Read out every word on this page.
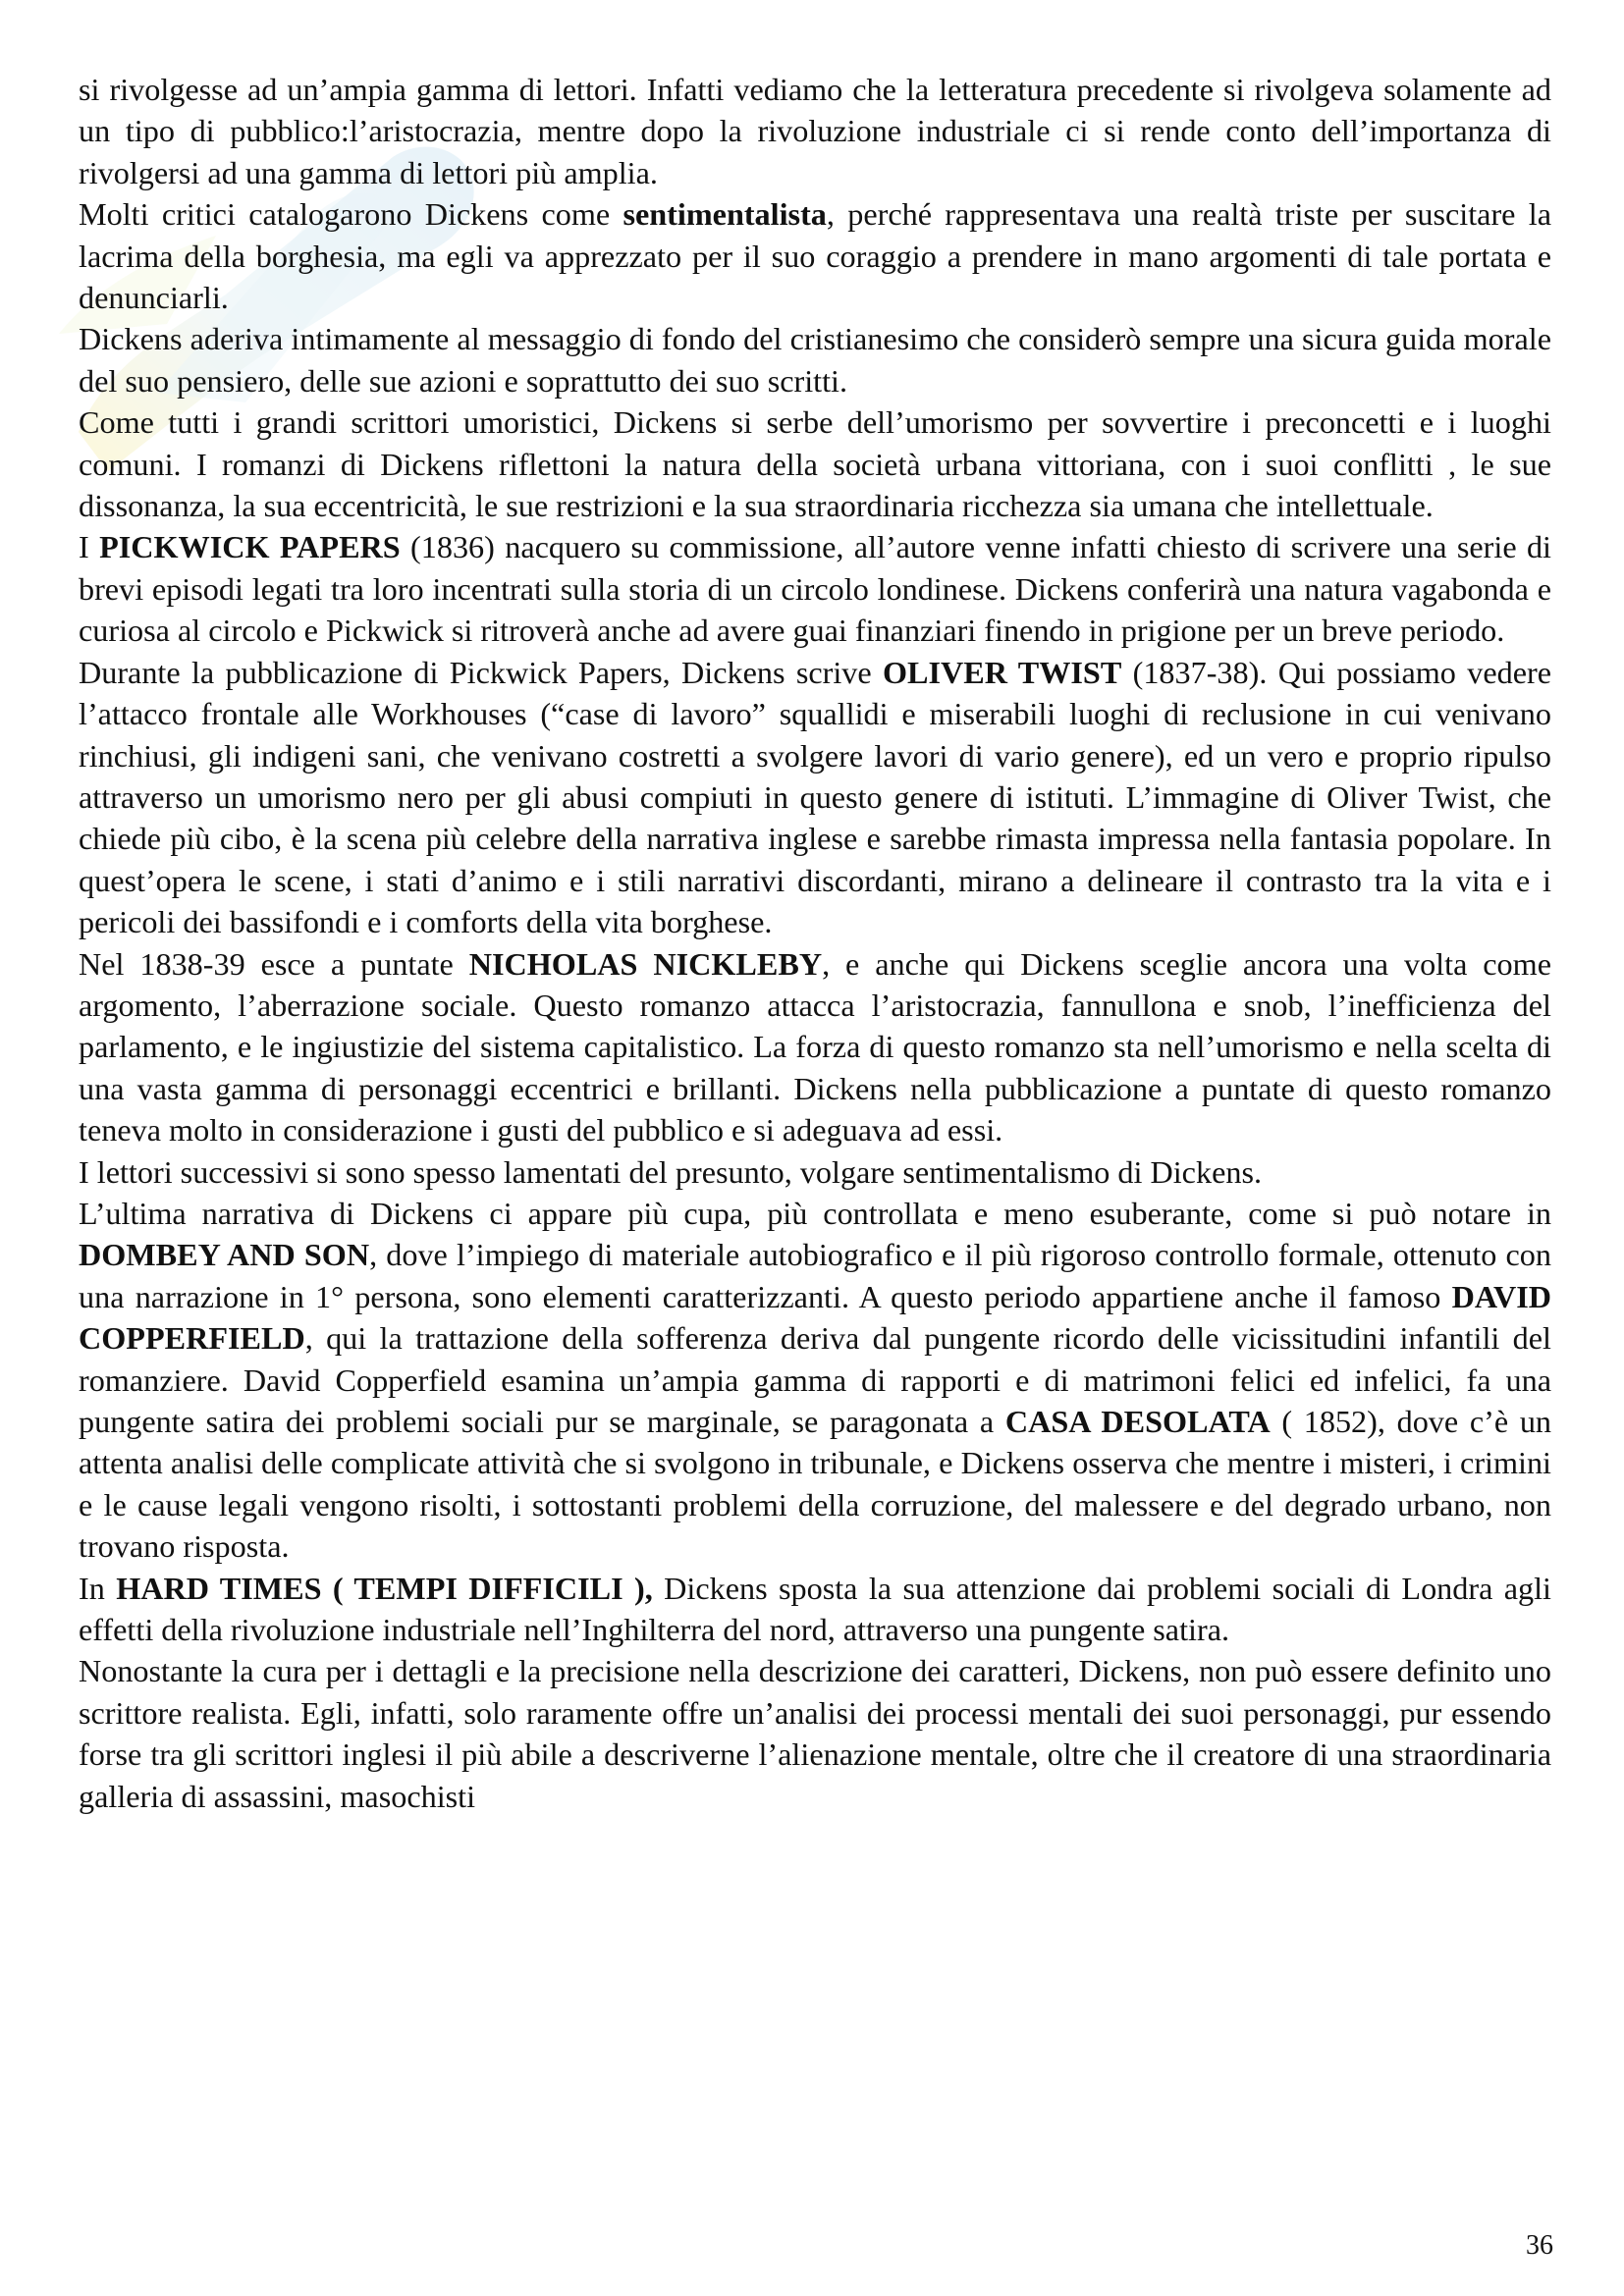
si rivolgesse ad un’ampia gamma di lettori. Infatti vediamo che la letteratura precedente si rivolgeva solamente ad un tipo di pubblico:l’aristocrazia, mentre dopo la rivoluzione industriale ci si rende conto dell’importanza di rivolgersi ad una gamma di lettori più amplia.

Molti critici catalogarono Dickens come sentimentalista, perché rappresentava una realtà triste per suscitare la lacrima della borghesia, ma egli va apprezzato per il suo coraggio a prendere in mano argomenti di tale portata e denunciarli.

Dickens aderiva intimamente al messaggio di fondo del cristianesimo che considerò sempre una sicura guida morale del suo pensiero, delle sue azioni e soprattutto dei suo scritti.

Come tutti i grandi scrittori umoristici, Dickens si serbe dell’umorismo per sovvertire i preconcetti e i luoghi comuni. I romanzi di Dickens riflettoni la natura della società urbana vittoriana, con i suoi conflitti , le sue dissonanza, la sua eccentricità, le sue restrizioni e la sua straordinaria ricchezza sia umana che intellettuale.

I PICKWICK PAPERS (1836) nacquero su commissione, all’autore venne infatti chiesto di scrivere una serie di brevi episodi legati tra loro incentrati sulla storia di un circolo londinese. Dickens conferirà una natura vagabonda e curiosa al circolo e Pickwick si ritroverà anche ad avere guai finanziari finendo in prigione per un breve periodo.

Durante la pubblicazione di Pickwick Papers, Dickens scrive OLIVER TWIST (1837-38). Qui possiamo vedere l’attacco frontale alle Workhouses (“case di lavoro” squallidi e miserabili luoghi di reclusione in cui venivano rinchiusi, gli indigeni sani, che venivano costretti a svolgere lavori di vario genere), ed un vero e proprio ripulso attraverso un umorismo nero per gli abusi compiuti in questo genere di istituti. L’immagine di Oliver Twist, che chiede più cibo, è la scena più celebre della narrativa inglese e sarebbe rimasta impressa nella fantasia popolare. In quest’opera le scene, i stati d’animo e i stili narrativi discordanti, mirano a delineare il contrasto tra la vita e i pericoli dei bassifondi e i comforts della vita borghese.

Nel 1838-39 esce a puntate NICHOLAS NICKLEBY, e anche qui Dickens sceglie ancora una volta come argomento, l’aberrazione sociale. Questo romanzo attacca l’aristocrazia, fannullona e snob, l’inefficienza del parlamento, e le ingiustizie del sistema capitalistico. La forza di questo romanzo sta nell’umorismo e nella scelta di una vasta gamma di personaggi eccentrici e brillanti. Dickens nella pubblicazione a puntate di questo romanzo teneva molto in considerazione i gusti del pubblico e si adeguava ad essi.

I lettori successivi si sono spesso lamentati del presunto, volgare sentimentalismo di Dickens.

L’ultima narrativa di Dickens ci appare più cupa, più controllata e meno esuberante, come si può notare in DOMBEY AND SON, dove l’impiego di materiale autobiografico e il più rigoroso controllo formale, ottenuto con una narrazione in 1° persona, sono elementi caratterizzanti. A questo periodo appartiene anche il famoso DAVID COPPERFIELD, qui la trattazione della sofferenza deriva dal pungente ricordo delle vicissitudini infantili del romanziere. David Copperfield esamina un’ampia gamma di rapporti e di matrimoni felici ed infelici, fa una pungente satira dei problemi sociali pur se marginale, se paragonata a CASA DESOLATA ( 1852), dove c’è un attenta analisi delle complicate attività che si svolgono in tribunale, e Dickens osserva che mentre i misteri, i crimini e le cause legali vengono risolti, i sottostanti problemi della corruzione, del malessere e del degrado urbano, non trovano risposta.

In HARD TIMES ( TEMPI DIFFICILI ), Dickens sposta la sua attenzione dai problemi sociali di Londra agli effetti della rivoluzione industriale nell’Inghilterra del nord, attraverso una pungente satira.

Nonostante la cura per i dettagli e la precisione nella descrizione dei caratteri, Dickens, non può essere definito uno scrittore realista. Egli, infatti, solo raramente offre un’analisi dei processi mentali dei suoi personaggi, pur essendo forse tra gli scrittori inglesi il più abile a descriverne l’alienazione mentale, oltre che il creatore di una straordinaria galleria di assassini, masochisti

36
